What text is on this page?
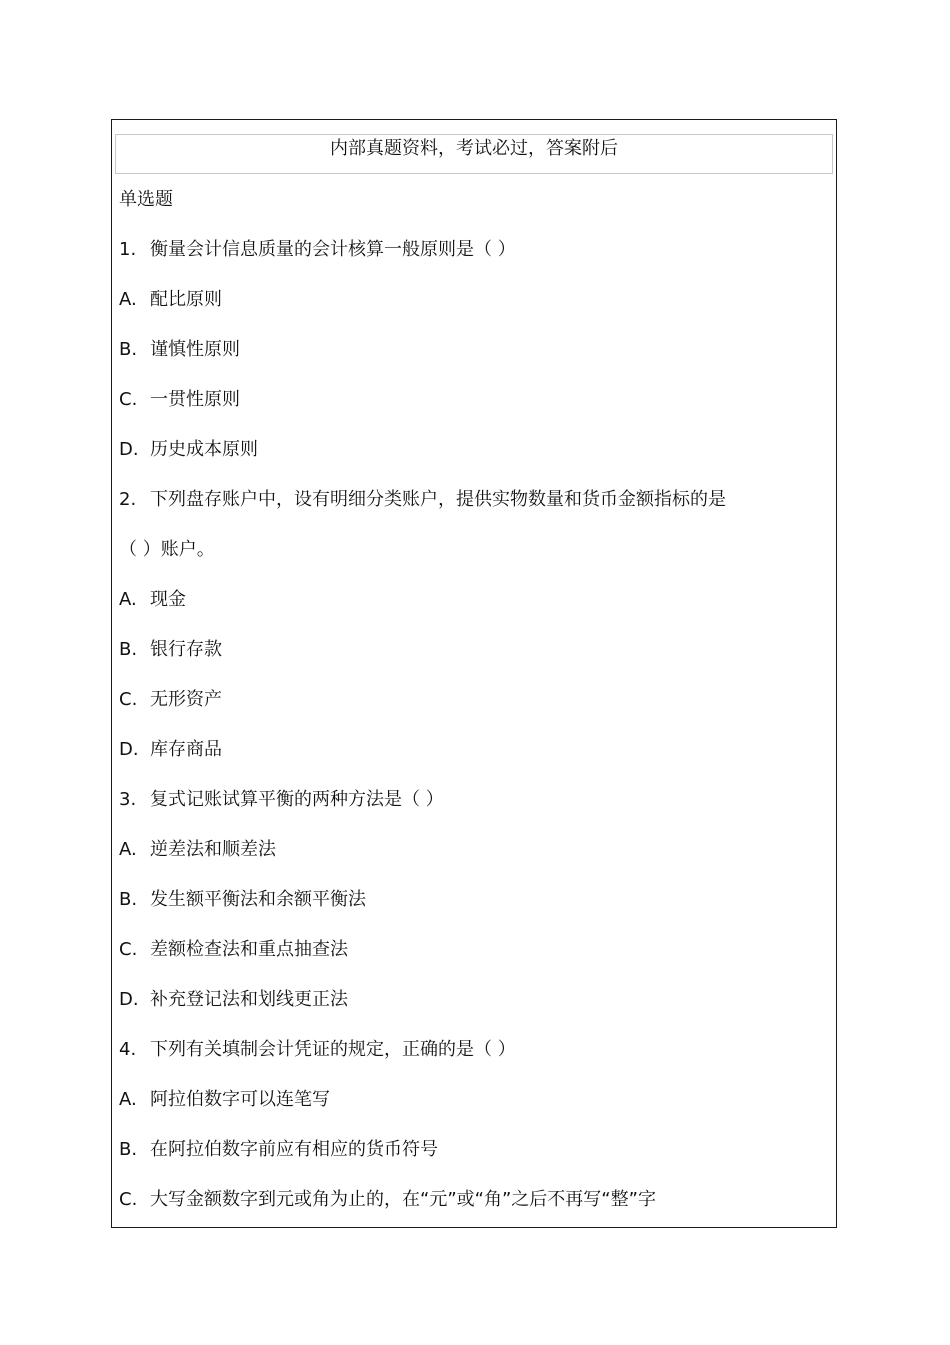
内部真题资料，考试必过，答案附后
单选题
1. 衡量会计信息质量的会计核算一般原则是（ ）
A. 配比原则
B. 谨慎性原则
C. 一贯性原则
D. 历史成本原则
2. 下列盘存账户中，设有明细分类账户，提供实物数量和货币金额指标的是
（ ）账户。
A. 现金
B. 银行存款
C. 无形资产
D. 库存商品
3. 复式记账试算平衡的两种方法是（ ）
A. 逆差法和顺差法
B. 发生额平衡法和余额平衡法
C. 差额检查法和重点抽查法
D. 补充登记法和划线更正法
4. 下列有关填制会计凭证的规定，正确的是（ ）
A. 阿拉伯数字可以连笔写
B. 在阿拉伯数字前应有相应的货币符号
C. 大写金额数字到元或角为止的，在“元”或“角”之后不再写“整”字
